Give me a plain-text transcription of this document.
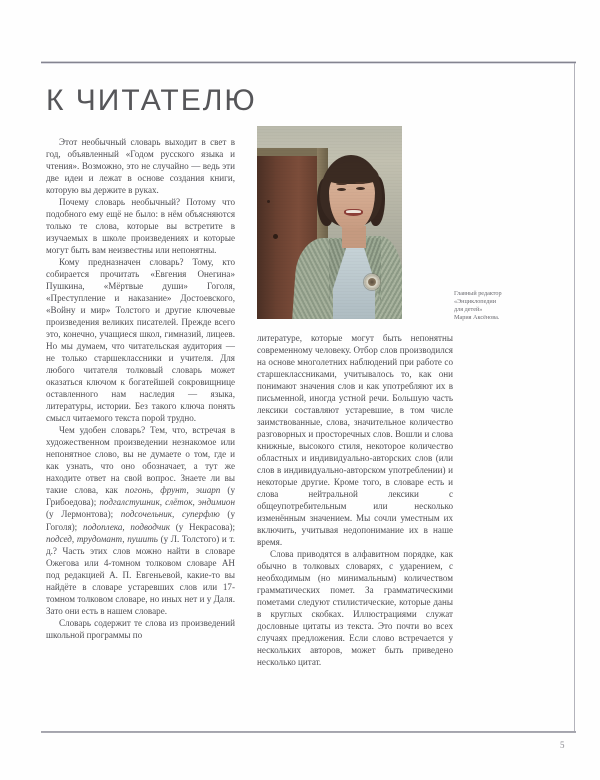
К ЧИТАТЕЛЮ
Главный редактор
«Энциклопедии
для детей»
Мария Аксёнова.

Этот необычный словарь выходит в свет в год, объявленный «Годом русского языка и чтения». Возможно, это не случайно — ведь эти две идеи и лежат в основе создания книги, которую вы держите в руках.

Почему словарь необычный? Потому что подобного ему ещё не было: в нём объясняются только те слова, которые вы встретите в изучаемых в школе произведениях и которые могут быть вам неизвестны или непонятны.

Кому предназначен словарь? Тому, кто собирается прочитать «Евгения Онегина» Пушкина, «Мёртвые души» Гоголя, «Преступление и наказание» Достоевского, «Войну и мир» Толстого и другие ключевые произведения великих писателей. Прежде всего это, конечно, учащиеся школ, гимназий, лицеев. Но мы думаем, что читательская аудитория — не только старшеклассники и учителя. Для любого читателя толковый словарь может оказаться ключом к богатейшей сокровищнице оставленного нам наследия — языка, литературы, истории. Без такого ключа понять смысл читаемого текста порой трудно.

Чем удобен словарь? Тем, что, встречая в художественном произведении незнакомое или непонятное слово, вы не думаете о том, где и как узнать, что оно обозначает, а тут же находите ответ на свой вопрос. Знаете ли вы такие слова, как погонь, фрунт, эшарп (у Грибоедова); подгалстушник, слёток, эндимион (у Лермонтова); подсочельник, суперфлю (у Гоголя); подоплека, подводчик (у Некрасова); подсед, трудомант, пушить (у Л. Толстого) и т. д.? Часть этих слов можно найти в словаре Ожегова или 4-томном толковом словаре АН под редакцией А. П. Евгеньевой, какие-то вы найдёте в словаре устаревших слов или 17-томном толковом словаре, но иных нет и у Даля. Зато они есть в нашем словаре.

Словарь содержит те слова из произведений школьной программы по

литературе, которые могут быть непонятны современному человеку. Отбор слов производился на основе многолетних наблюдений при работе со старшеклассниками, учитывалось то, как они понимают значения слов и как употребляют их в письменной, иногда устной речи. Большую часть лексики составляют устаревшие, в том числе заимствованные, слова, значительное количество разговорных и просторечных слов. Вошли и слова книжные, высокого стиля, некоторое количество областных и индивидуально-авторских слов (или слов в индивидуально-авторском употреблении) и некоторые другие. Кроме того, в словаре есть и слова нейтральной лексики с общеупотребительным или несколько изменённым значением. Мы сочли уместным их включить, учитывая недопонимание их в наше время.

Слова приводятся в алфавитном порядке, как обычно в толковых словарях, с ударением, с необходимым (но минимальным) количеством грамматических помет. За грамматическими пометами следуют стилистические, которые даны в круглых скобках. Иллюстрациями служат дословные цитаты из текста. Это почти во всех случаях предложения. Если слово встречается у нескольких авторов, может быть приведено несколько цитат.

5
